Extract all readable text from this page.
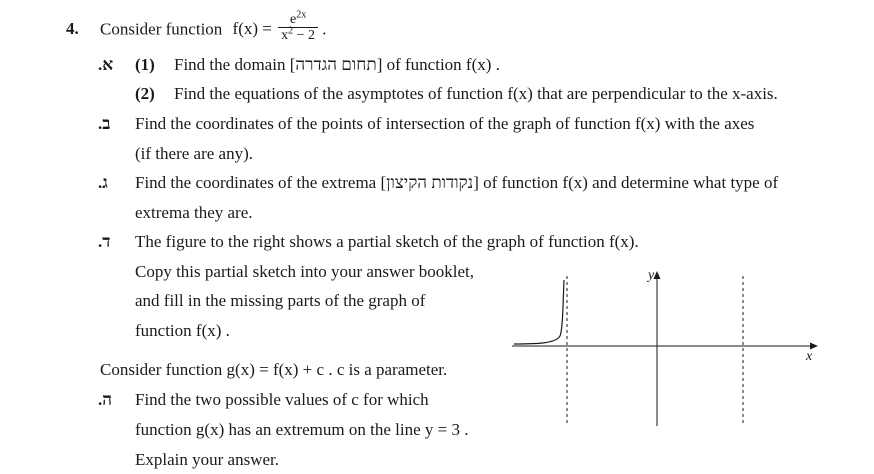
4. Consider function $f(x) = \frac{e^{2x}}{x^2 - 2}$ .
א. (1) Find the domain [תחום הגדרה] of function f(x) .
(2) Find the equations of the asymptotes of function f(x) that are perpendicular to the x-axis.
ב. Find the coordinates of the points of intersection of the graph of function f(x) with the axes
(if there are any).
ג. Find the coordinates of the extrema [נקודות הקיצון] of function f(x) and determine what type of
extrema they are.
ד. The figure to the right shows a partial sketch of the graph of function f(x).
Copy this partial sketch into your answer booklet,
and fill in the missing parts of the graph of
function f(x) .
Consider function g(x) = f(x) + c . c is a parameter.
ה. Find the two possible values of c for which
function g(x) has an extremum on the line y = 3 .
Explain your answer.
y
x
